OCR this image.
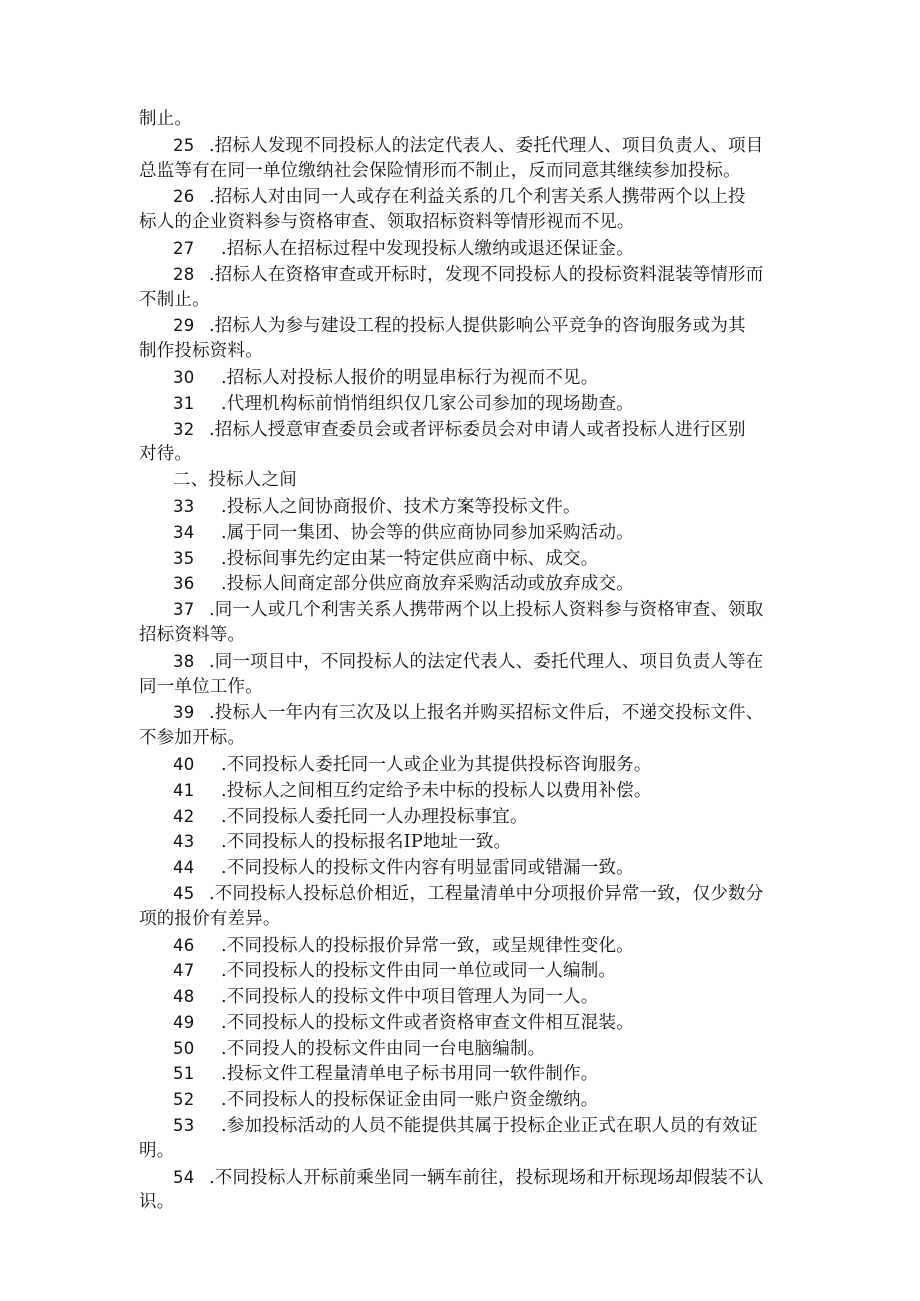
制止。
25 .招标人发现不同投标人的法定代表人、委托代理人、项目负责人、项目
总监等有在同一单位缴纳社会保险情形而不制止，反而同意其继续参加投标。
26 .招标人对由同一人或存在利益关系的几个利害关系人携带两个以上投
标人的企业资料参与资格审查、领取招标资料等情形视而不见。
27 .招标人在招标过程中发现投标人缴纳或退还保证金。
28 .招标人在资格审查或开标时，发现不同投标人的投标资料混装等情形而
不制止。
29 .招标人为参与建设工程的投标人提供影响公平竞争的咨询服务或为其
制作投标资料。
30 .招标人对投标人报价的明显串标行为视而不见。
31 .代理机构标前悄悄组织仅几家公司参加的现场勘查。
32 .招标人授意审查委员会或者评标委员会对申请人或者投标人进行区别
对待。
二、投标人之间
33 .投标人之间协商报价、技术方案等投标文件。
34 .属于同一集团、协会等的供应商协同参加采购活动。
35 .投标间事先约定由某一特定供应商中标、成交。
36 .投标人间商定部分供应商放弃采购活动或放弃成交。
37 .同一人或几个利害关系人携带两个以上投标人资料参与资格审查、领取
招标资料等。
38 .同一项目中，不同投标人的法定代表人、委托代理人、项目负责人等在
同一单位工作。
39 .投标人一年内有三次及以上报名并购买招标文件后，不递交投标文件、
不参加开标。
40 .不同投标人委托同一人或企业为其提供投标咨询服务。
41 .投标人之间相互约定给予未中标的投标人以费用补偿。
42 .不同投标人委托同一人办理投标事宜。
43 .不同投标人的投标报名IP地址一致。
44 .不同投标人的投标文件内容有明显雷同或错漏一致。
45 .不同投标人投标总价相近，工程量清单中分项报价异常一致，仅少数分
项的报价有差异。
46 .不同投标人的投标报价异常一致，或呈规律性变化。
47 .不同投标人的投标文件由同一单位或同一人编制。
48 .不同投标人的投标文件中项目管理人为同一人。
49 .不同投标人的投标文件或者资格审查文件相互混装。
50 .不同投人的投标文件由同一台电脑编制。
51 .投标文件工程量清单电子标书用同一软件制作。
52 .不同投标人的投标保证金由同一账户资金缴纳。
53 .参加投标活动的人员不能提供其属于投标企业正式在职人员的有效证
明。
54 .不同投标人开标前乘坐同一辆车前往，投标现场和开标现场却假装不认
识。
